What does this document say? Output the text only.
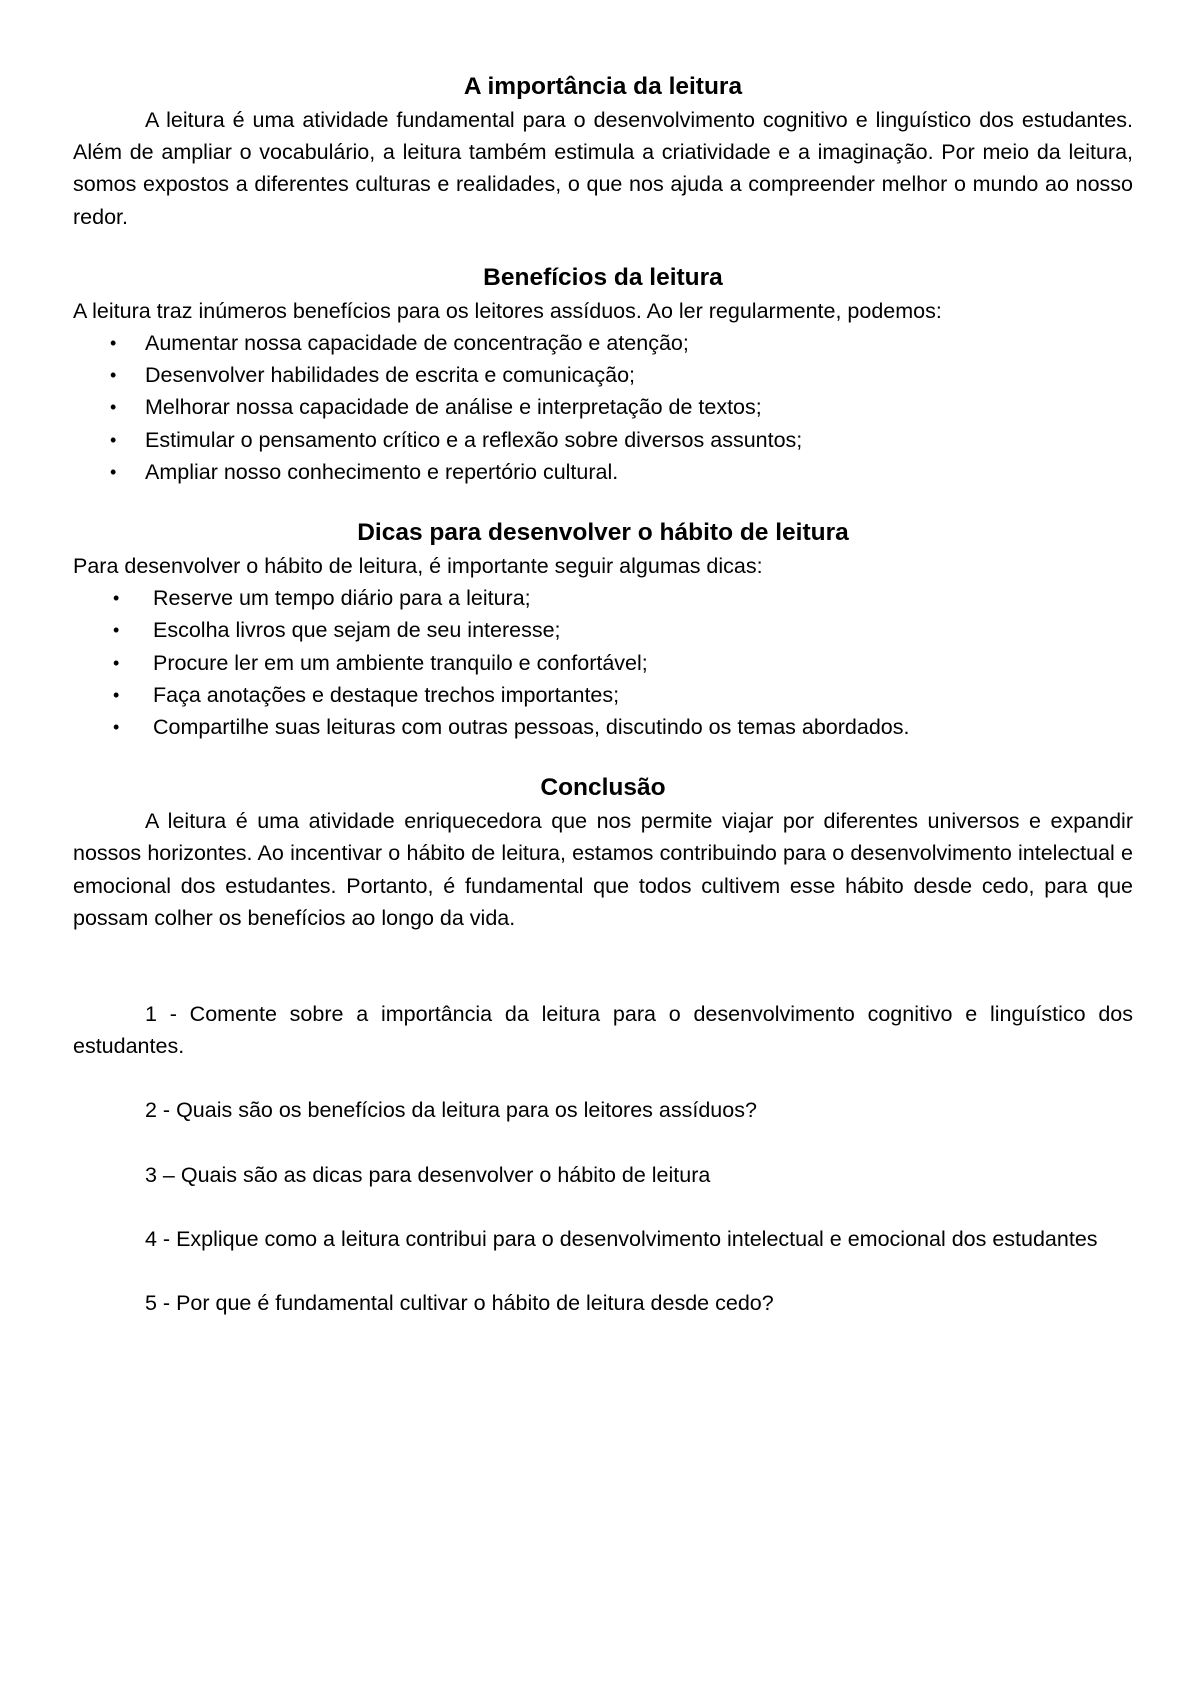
A importância da leitura

A leitura é uma atividade fundamental para o desenvolvimento cognitivo e linguístico dos estudantes. Além de ampliar o vocabulário, a leitura também estimula a criatividade e a imaginação. Por meio da leitura, somos expostos a diferentes culturas e realidades, o que nos ajuda a compreender melhor o mundo ao nosso redor.

Benefícios da leitura

A leitura traz inúmeros benefícios para os leitores assíduos. Ao ler regularmente, podemos:

• Aumentar nossa capacidade de concentração e atenção;
• Desenvolver habilidades de escrita e comunicação;
• Melhorar nossa capacidade de análise e interpretação de textos;
• Estimular o pensamento crítico e a reflexão sobre diversos assuntos;
• Ampliar nosso conhecimento e repertório cultural.
Dicas para desenvolver o hábito de leitura

Para desenvolver o hábito de leitura, é importante seguir algumas dicas:

• Reserve um tempo diário para a leitura;
• Escolha livros que sejam de seu interesse;
• Procure ler em um ambiente tranquilo e confortável;
• Faça anotações e destaque trechos importantes;
• Compartilhe suas leituras com outras pessoas, discutindo os temas abordados.
Conclusão

A leitura é uma atividade enriquecedora que nos permite viajar por diferentes universos e expandir nossos horizontes. Ao incentivar o hábito de leitura, estamos contribuindo para o desenvolvimento intelectual e emocional dos estudantes. Portanto, é fundamental que todos cultivem esse hábito desde cedo, para que possam colher os benefícios ao longo da vida.

1 - Comente sobre a importância da leitura para o desenvolvimento cognitivo e linguístico dos estudantes.

2 - Quais são os benefícios da leitura para os leitores assíduos?

3 – Quais são as dicas para desenvolver o hábito de leitura

4 - Explique como a leitura contribui para o desenvolvimento intelectual e emocional dos estudantes

5 - Por que é fundamental cultivar o hábito de leitura desde cedo?
